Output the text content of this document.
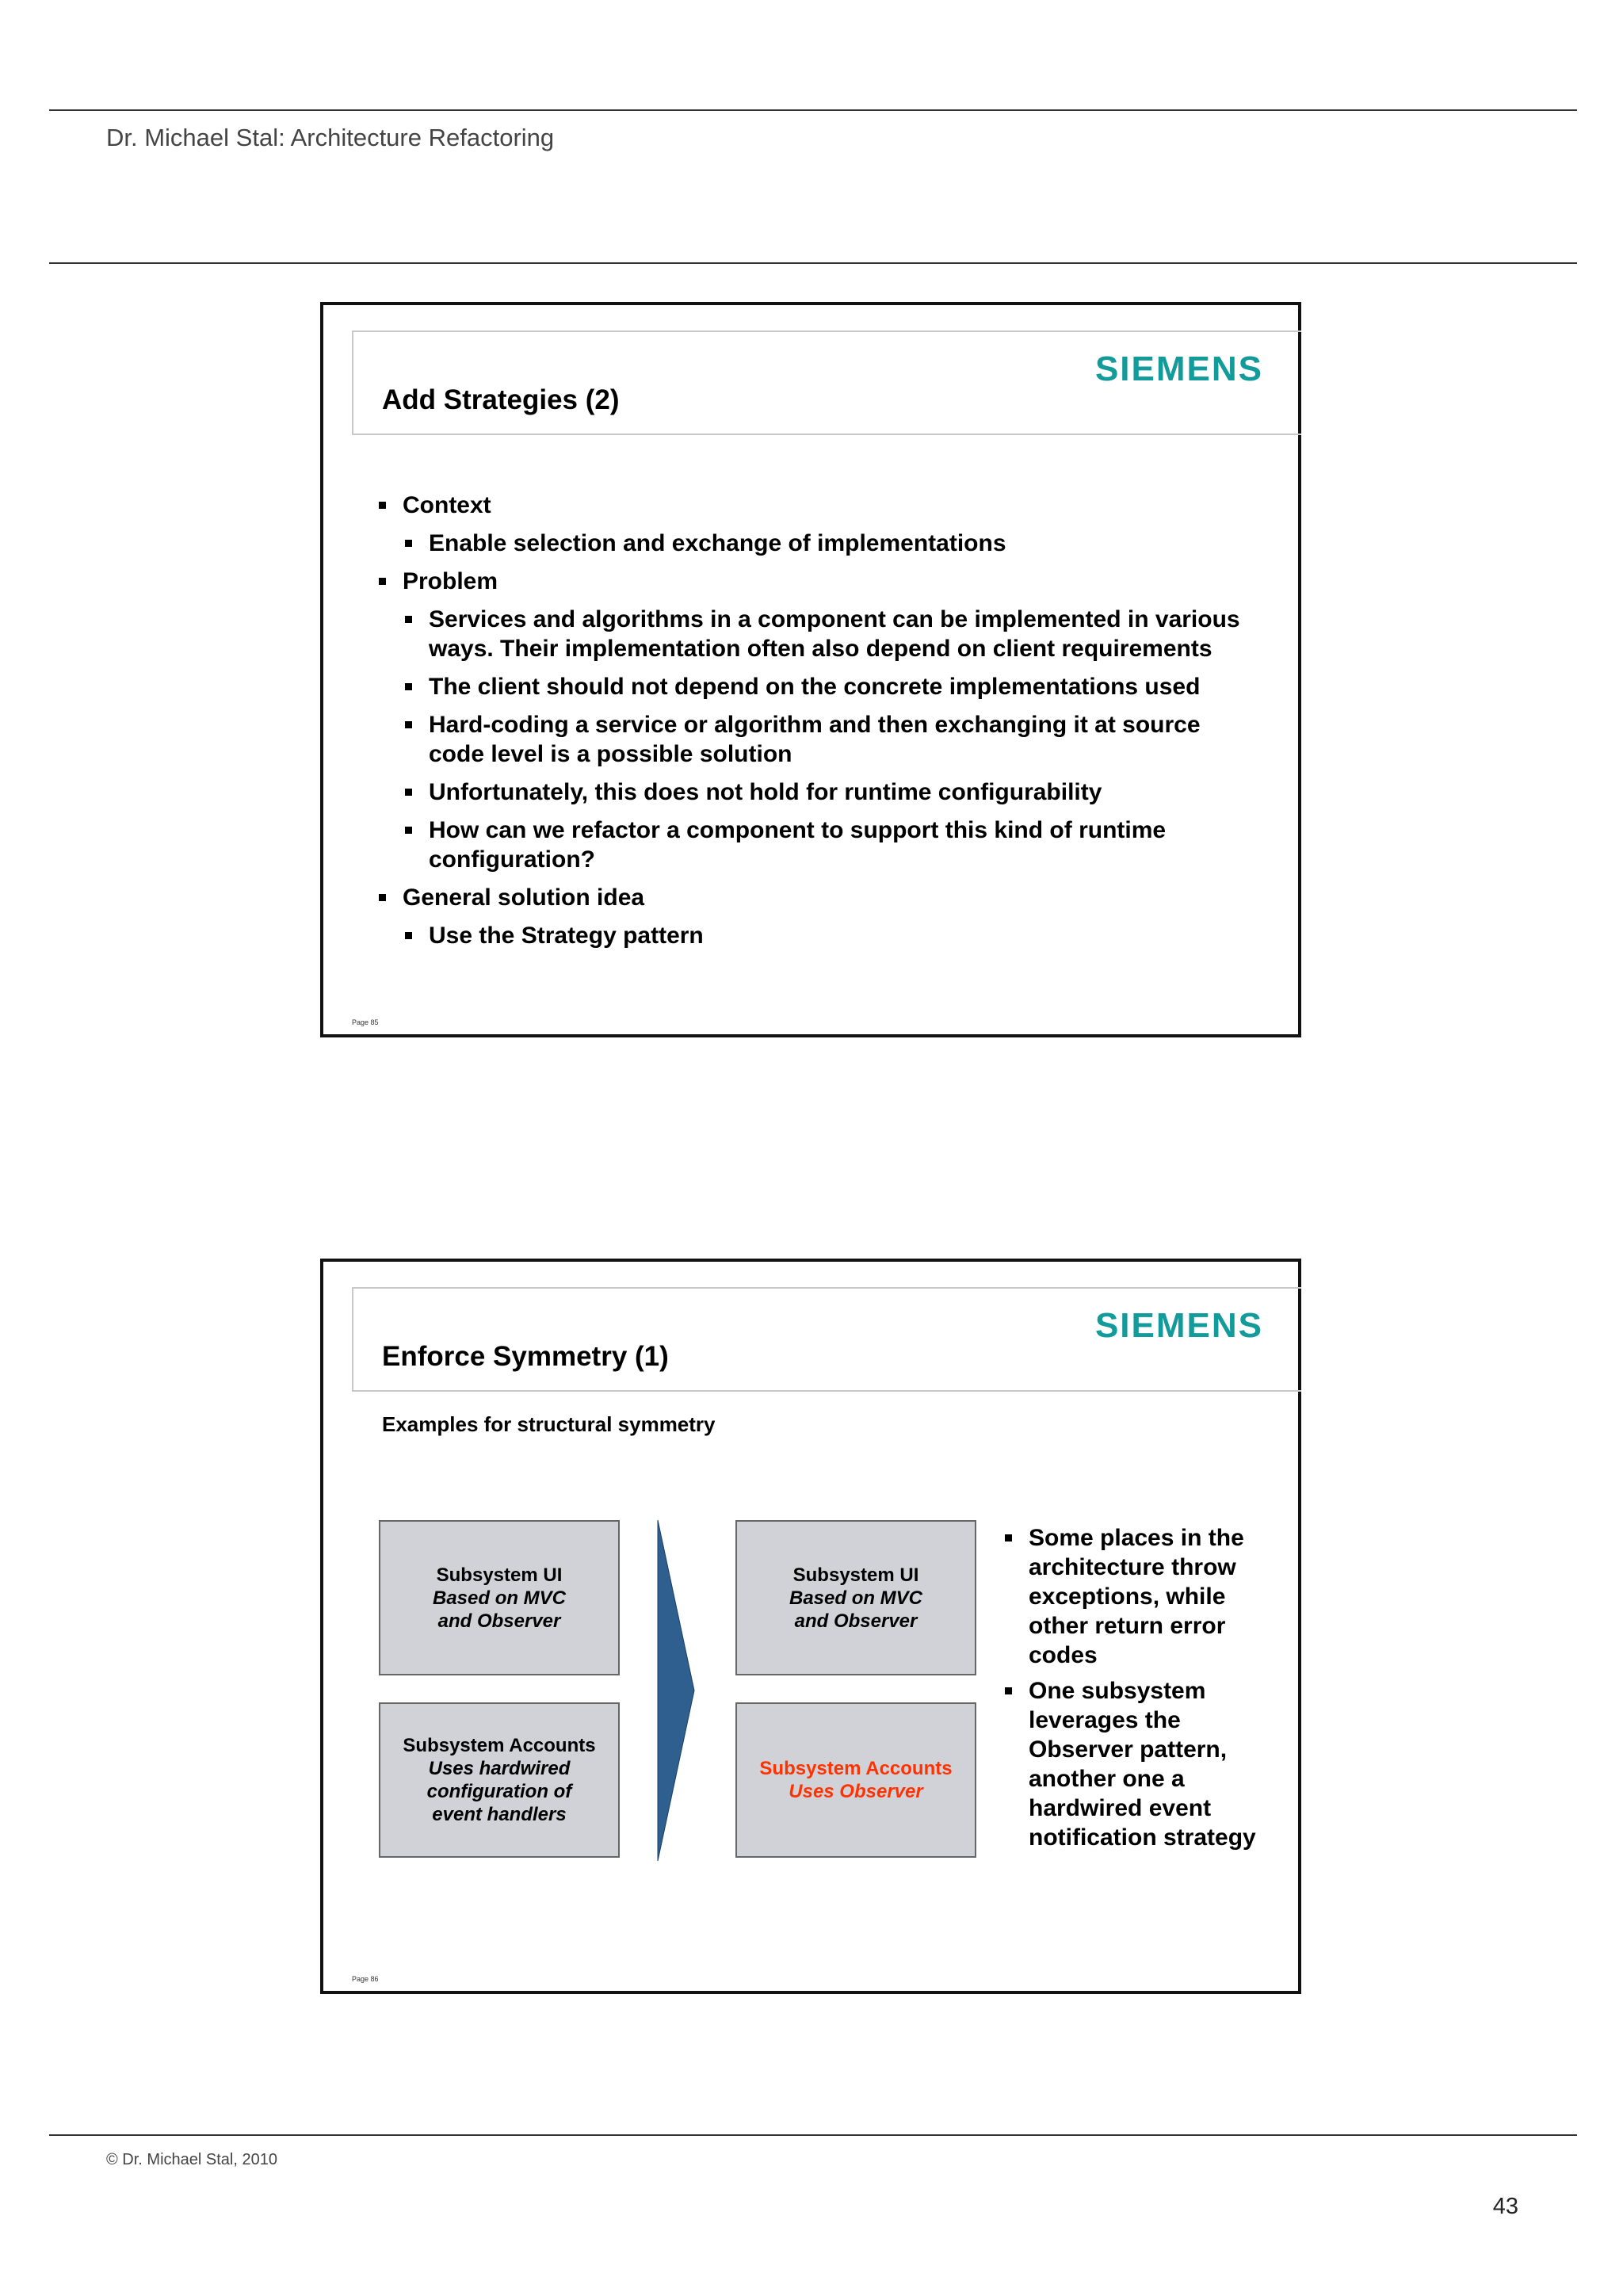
Dr. Michael Stal: Architecture Refactoring
SIEMENS
Add Strategies (2)
Context
Enable selection and exchange of implementations
Problem
Services and algorithms in a component can be implemented in various ways. Their implementation often also depend on client requirements
The client should not depend on the concrete implementations used
Hard-coding a service or algorithm and then exchanging it at source code level is a possible solution
Unfortunately, this does not hold for runtime configurability
How can we refactor a component to support this kind of runtime configuration?
General solution idea
Use the Strategy pattern
Page 85
SIEMENS
Enforce Symmetry (1)
Examples for structural symmetry
Subsystem UI
Based on MVC and Observer
Subsystem Accounts
Uses hardwired configuration of event handlers
Subsystem UI
Based on MVC and Observer
Subsystem Accounts
Uses Observer
Some places in the architecture throw exceptions, while other return error codes
One subsystem leverages the Observer pattern, another one a hardwired event notification strategy
Page 86
© Dr. Michael Stal, 2010
43
